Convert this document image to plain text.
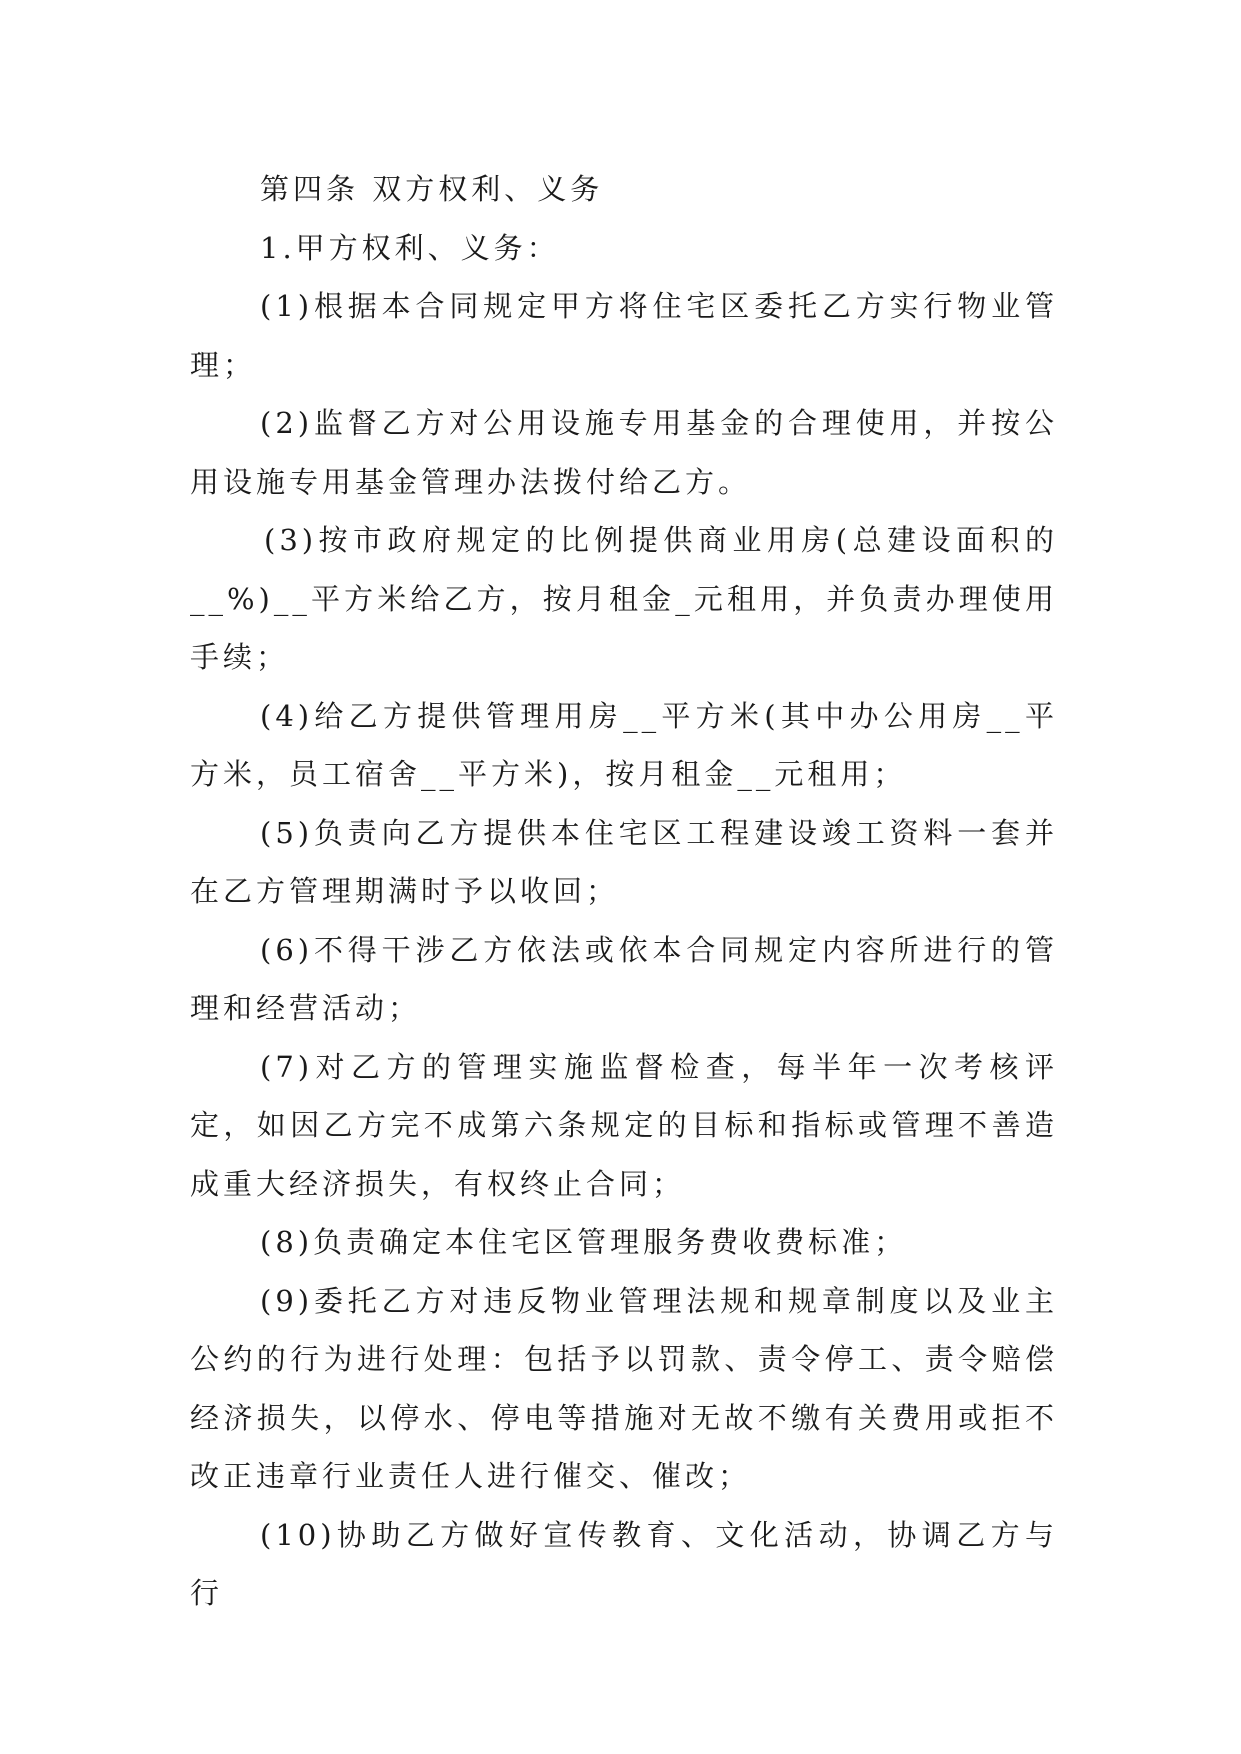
第四条 双方权利、义务

1.甲方权利、义务：

(1)根据本合同规定甲方将住宅区委托乙方实行物业管理；

(2)监督乙方对公用设施专用基金的合理使用，并按公用设施专用基金管理办法拨付给乙方。

(3)按市政府规定的比例提供商业用房(总建设面积的__%)__平方米给乙方，按月租金_元租用，并负责办理使用手续；

(4)给乙方提供管理用房__平方米(其中办公用房__平方米，员工宿舍__平方米)，按月租金__元租用；

(5)负责向乙方提供本住宅区工程建设竣工资料一套并在乙方管理期满时予以收回；

(6)不得干涉乙方依法或依本合同规定内容所进行的管理和经营活动；

(7)对乙方的管理实施监督检查，每半年一次考核评定，如因乙方完不成第六条规定的目标和指标或管理不善造成重大经济损失，有权终止合同；

(8)负责确定本住宅区管理服务费收费标准；

(9)委托乙方对违反物业管理法规和规章制度以及业主公约的行为进行处理：包括予以罚款、责令停工、责令赔偿经济损失，以停水、停电等措施对无故不缴有关费用或拒不改正违章行业责任人进行催交、催改；

(10)协助乙方做好宣传教育、文化活动，协调乙方与行
